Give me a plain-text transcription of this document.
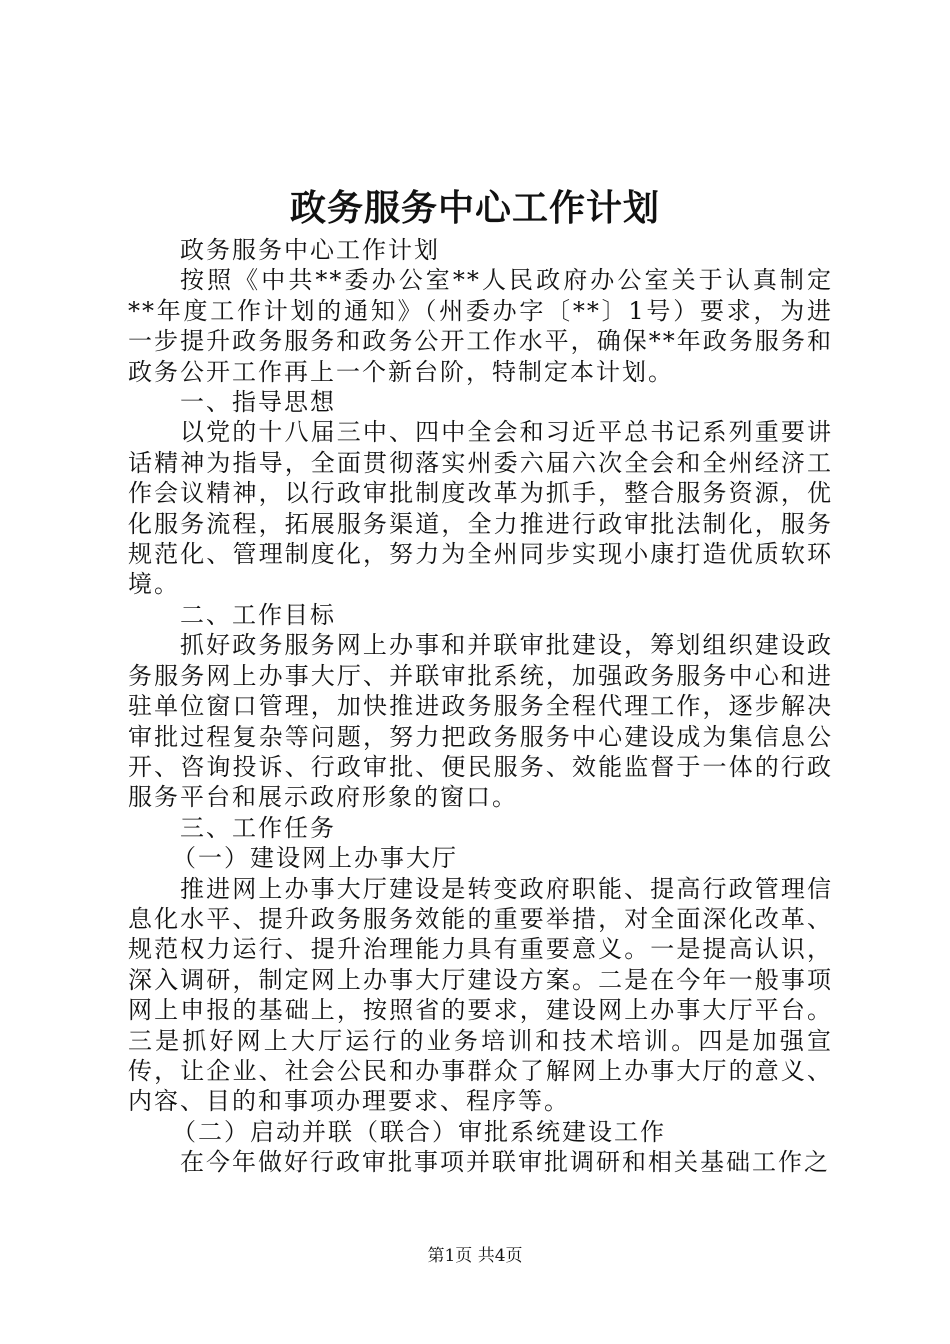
政务服务中心工作计划

政务服务中心工作计划

按照《中共**委办公室**人民政府办公室关于认真制定**年度工作计划的通知》（州委办字〔**〕1号）要求，为进一步提升政务服务和政务公开工作水平，确保**年政务服务和政务公开工作再上一个新台阶，特制定本计划。

一、指导思想

以党的十八届三中、四中全会和习近平总书记系列重要讲话精神为指导，全面贯彻落实州委六届六次全会和全州经济工作会议精神，以行政审批制度改革为抓手，整合服务资源，优化服务流程，拓展服务渠道，全力推进行政审批法制化，服务规范化、管理制度化，努力为全州同步实现小康打造优质软环境。

二、工作目标

抓好政务服务网上办事和并联审批建设，筹划组织建设政务服务网上办事大厅、并联审批系统，加强政务服务中心和进驻单位窗口管理，加快推进政务服务全程代理工作，逐步解决审批过程复杂等问题，努力把政务服务中心建设成为集信息公开、咨询投诉、行政审批、便民服务、效能监督于一体的行政服务平台和展示政府形象的窗口。

三、工作任务

（一）建设网上办事大厅

推进网上办事大厅建设是转变政府职能、提高行政管理信息化水平、提升政务服务效能的重要举措，对全面深化改革、规范权力运行、提升治理能力具有重要意义。一是提高认识，深入调研，制定网上办事大厅建设方案。二是在今年一般事项网上申报的基础上，按照省的要求，建设网上办事大厅平台。三是抓好网上大厅运行的业务培训和技术培训。四是加强宣传，让企业、社会公民和办事群众了解网上办事大厅的意义、内容、目的和事项办理要求、程序等。

（二）启动并联（联合）审批系统建设工作

在今年做好行政审批事项并联审批调研和相关基础工作之

第1页 共4页
